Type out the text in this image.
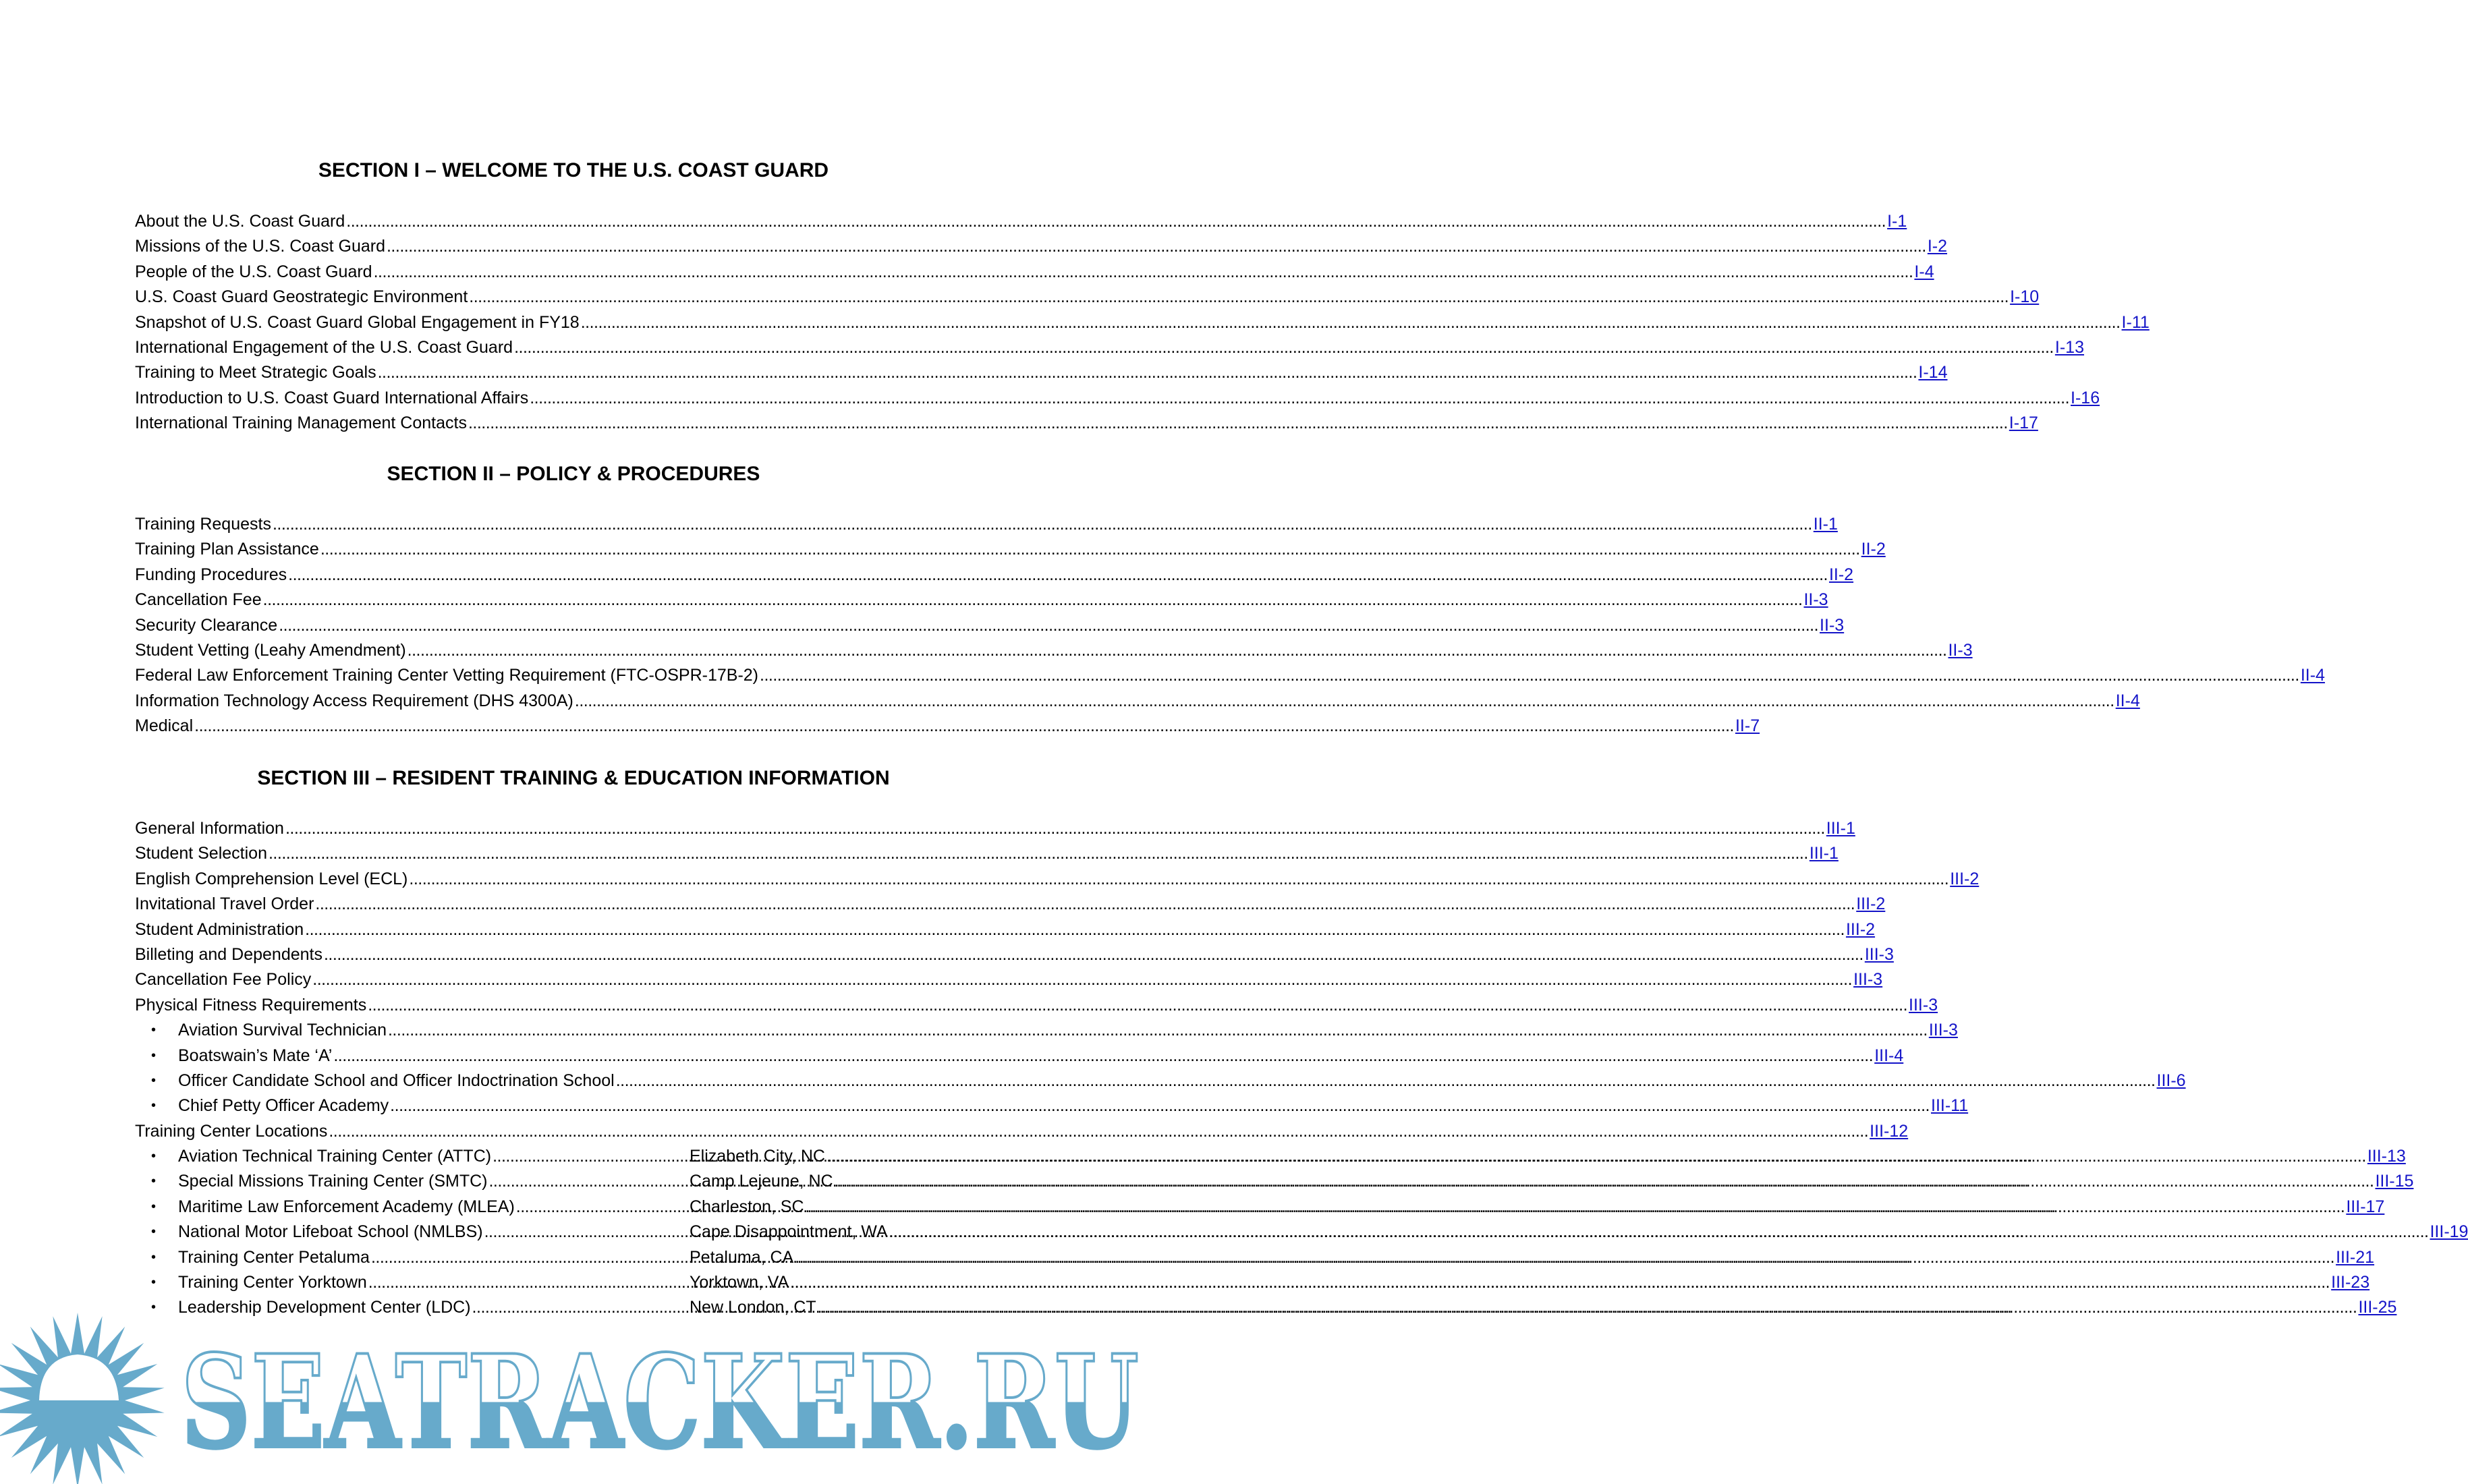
SECTION I – WELCOME TO THE U.S. COAST GUARD
About the U.S. Coast Guard .....	I-1
Missions of the U.S. Coast Guard .....	I-2
People of the U.S. Coast Guard .....	I-4
U.S. Coast Guard Geostrategic Environment .....	I-10
Snapshot of U.S. Coast Guard Global Engagement in FY18 .....	I-11
International Engagement of the U.S. Coast Guard .....	I-13
Training to Meet Strategic Goals .....	I-14
Introduction to U.S. Coast Guard International Affairs .....	I-16
International Training Management Contacts .....	I-17
SECTION II – POLICY & PROCEDURES
Training Requests .....	II-1
Training Plan Assistance .....	II-2
Funding Procedures .....	II-2
Cancellation Fee .....	II-3
Security Clearance .....	II-3
Student Vetting (Leahy Amendment) .....	II-3
Federal Law Enforcement Training Center Vetting Requirement (FTC-OSPR-17B-2) .....	II-4
Information Technology Access Requirement (DHS 4300A) .....	II-4
Medical .....	II-7
SECTION III – RESIDENT TRAINING & EDUCATION INFORMATION
General Information .....	III-1
Student Selection .....	III-1
English Comprehension Level (ECL) .....	III-2
Invitational Travel Order .....	III-2
Student Administration .....	III-2
Billeting and Dependents .....	III-3
Cancellation Fee Policy .....	III-3
Physical Fitness Requirements .....	III-3
• Aviation Survival Technician .....	III-3
• Boatswain’s Mate ‘A’ .....	III-4
• Officer Candidate School and Officer Indoctrination School .....	III-6
• Chief Petty Officer Academy .....	III-11
Training Center Locations .....	III-12
• Aviation Technical Training Center (ATTC) .....	Elizabeth City, NC .....	III-13
• Special Missions Training Center (SMTC) .....	Camp Lejeune, NC .....	III-15
• Maritime Law Enforcement Academy (MLEA) .....	Charleston, SC .....	III-17
• National Motor Lifeboat School (NMLBS) .....	Cape Disappointment, WA .....	III-19
• Training Center Petaluma .....	Petaluma, CA .....	III-21
• Training Center Yorktown .....	Yorktown, VA .....	III-23
• Leadership Development Center (LDC) .....	New London, CT .....	III-25
SEATRACKER.RU
